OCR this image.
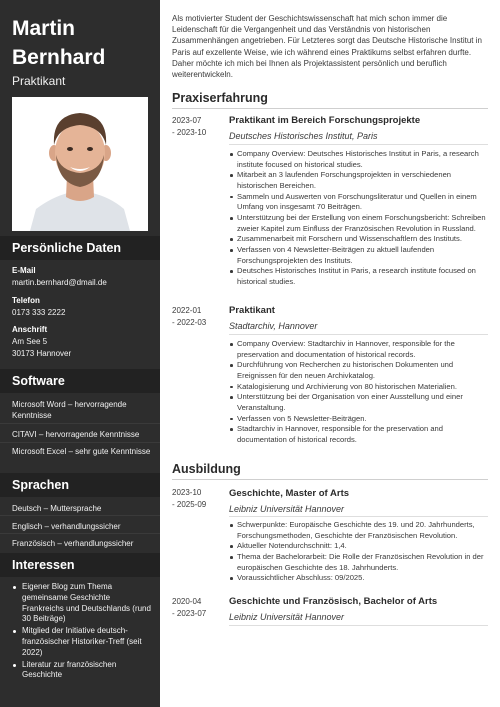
Martin Bernhard
Praktikant
Persönliche Daten
E-Mail
martin.bernhard@dmail.de
Telefon
0173 333 2222
Anschrift
Am See 5
30173 Hannover
Software
Microsoft Word – hervorragende Kenntnisse
CITAVI – hervorragende Kenntnisse
Microsoft Excel – sehr gute Kenntnisse
Sprachen
Deutsch – Muttersprache
Englisch – verhandlungssicher
Französisch – verhandlungssicher
Interessen
Eigener Blog zum Thema gemeinsame Geschichte Frankreichs und Deutschlands (rund 30 Beiträge)
Mitglied der Initiative deutsch-französischer Historiker-Treff (seit 2022)
Literatur zur französischen Geschichte
Als motivierter Student der Geschichtswissenschaft hat mich schon immer die Leidenschaft für die Vergangenheit und das Verständnis von historischen Zusammenhängen angetrieben. Für Letzteres sorgt das Deutsche Historische Institut in Paris auf exzellente Weise, wie ich während eines Praktikums selbst erfahren durfte. Daher möchte ich mich bei Ihnen als Projektassistent persönlich und beruflich weiterentwickeln.
Praxiserfahrung
2023-07
- 2023-10
Praktikant im Bereich Forschungsprojekte
Deutsches Historisches Institut, Paris
Company Overview: Deutsches Historisches Institut in Paris, a research institute focused on historical studies.
Mitarbeit an 3 laufenden Forschungsprojekten in verschiedenen historischen Bereichen.
Sammeln und Auswerten von Forschungsliteratur und Quellen in einem Umfang von insgesamt 70 Beiträgen.
Unterstützung bei der Erstellung von einem Forschungsbericht: Schreiben zweier Kapitel zum Einfluss der Französischen Revolution in Russland.
Zusammenarbeit mit Forschern und Wissenschaftlern des Instituts.
Verfassen von 4 Newsletter-Beiträgen zu aktuell laufenden Forschungsprojekten des Instituts.
Deutsches Historisches Institut in Paris, a research institute focused on historical studies.
2022-01
- 2022-03
Praktikant
Stadtarchiv, Hannover
Company Overview: Stadtarchiv in Hannover, responsible for the preservation and documentation of historical records.
Durchführung von Recherchen zu historischen Dokumenten und Ereignissen für den neuen Archivkatalog.
Katalogisierung und Archivierung von 80 historischen Materialien.
Unterstützung bei der Organisation von einer Ausstellung und einer Veranstaltung.
Verfassen von 5 Newsletter-Beiträgen.
Stadtarchiv in Hannover, responsible for the preservation and documentation of historical records.
Ausbildung
2023-10
- 2025-09
Geschichte, Master of Arts
Leibniz Universität Hannover
Schwerpunkte: Europäische Geschichte des 19. und 20. Jahrhunderts, Forschungsmethoden, Geschichte der Französischen Revolution.
Aktueller Notendurchschnitt: 1,4.
Thema der Bachelorarbeit: Die Rolle der Französischen Revolution in der europäischen Geschichte des 18. Jahrhunderts.
Voraussichtlicher Abschluss: 09/2025.
2020-04
- 2023-07
Geschichte und Französisch, Bachelor of Arts
Leibniz Universität Hannover
